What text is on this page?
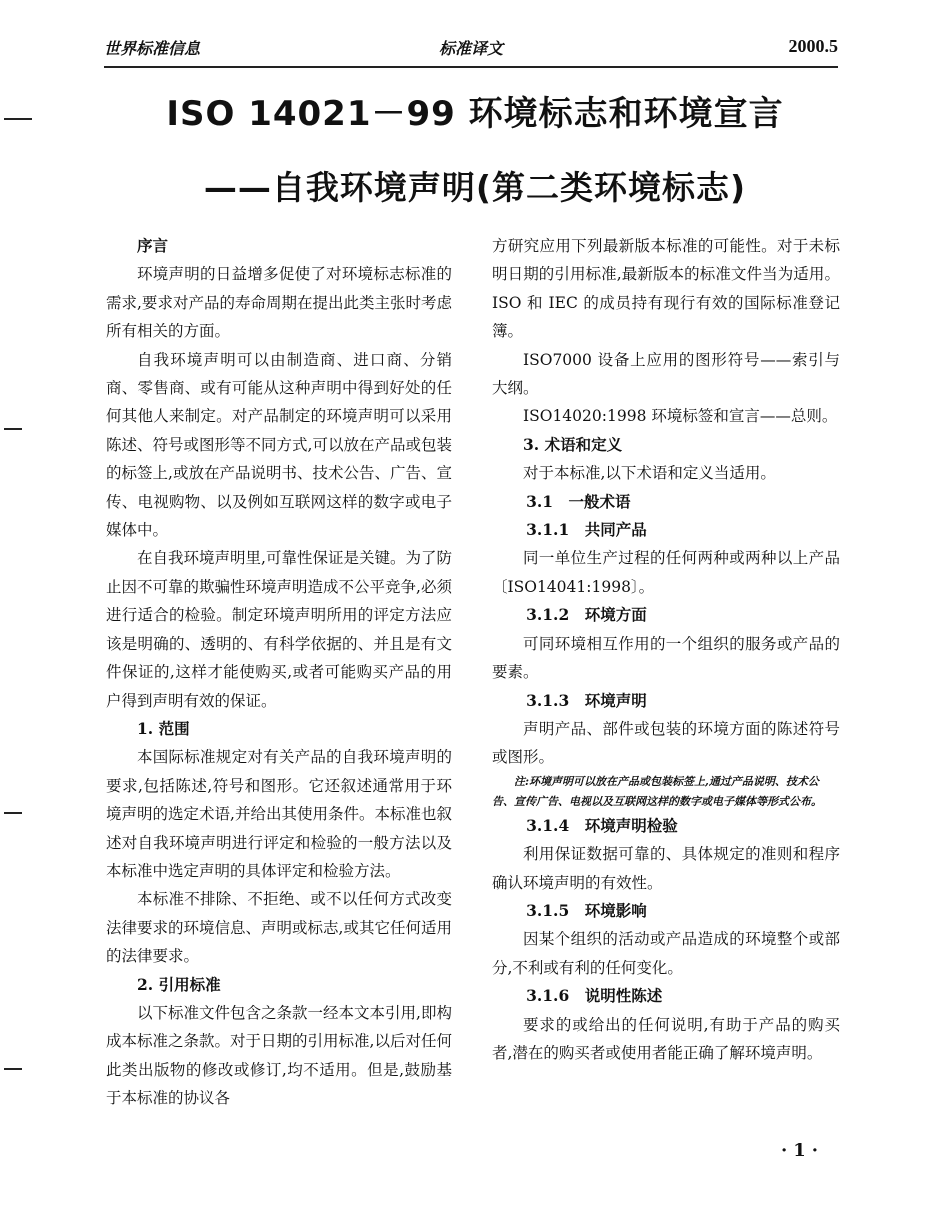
世界标准信息	标准译文	2000.5
ISO 14021－99 环境标志和环境宣言
——自我环境声明(第二类环境标志)

序言

环境声明的日益增多促使了对环境标志标准的需求,要求对产品的寿命周期在提出此类主张时考虑所有相关的方面。

自我环境声明可以由制造商、进口商、分销商、零售商、或有可能从这种声明中得到好处的任何其他人来制定。对产品制定的环境声明可以采用陈述、符号或图形等不同方式,可以放在产品或包装的标签上,或放在产品说明书、技术公告、广告、宣传、电视购物、以及例如互联网这样的数字或电子媒体中。

在自我环境声明里,可靠性保证是关键。为了防止因不可靠的欺骗性环境声明造成不公平竞争,必须进行适合的检验。制定环境声明所用的评定方法应该是明确的、透明的、有科学依据的、并且是有文件保证的,这样才能使购买,或者可能购买产品的用户得到声明有效的保证。

1. 范围

本国际标准规定对有关产品的自我环境声明的要求,包括陈述,符号和图形。它还叙述通常用于环境声明的选定术语,并给出其使用条件。本标准也叙述对自我环境声明进行评定和检验的一般方法以及本标准中选定声明的具体评定和检验方法。

本标准不排除、不拒绝、或不以任何方式改变法律要求的环境信息、声明或标志,或其它任何适用的法律要求。

2. 引用标准

以下标准文件包含之条款一经本文本引用,即构成本标准之条款。对于日期的引用标准,以后对任何此类出版物的修改或修订,均不适用。但是,鼓励基于本标准的协议各

方研究应用下列最新版本标准的可能性。对于未标明日期的引用标准,最新版本的标准文件当为适用。ISO 和 IEC 的成员持有现行有效的国际标准登记簿。

ISO7000 设备上应用的图形符号——索引与大纲。

ISO14020:1998 环境标签和宣言——总则。

3. 术语和定义

对于本标准,以下术语和定义当适用。

3.1　一般术语

3.1.1　共同产品

同一单位生产过程的任何两种或两种以上产品〔ISO14041:1998〕。

3.1.2　环境方面

可同环境相互作用的一个组织的服务或产品的要素。

3.1.3　环境声明

声明产品、部件或包装的环境方面的陈述符号或图形。

注:环境声明可以放在产品或包装标签上,通过产品说明、技术公告、宣传广告、电视以及互联网这样的数字或电子媒体等形式公布。

3.1.4　环境声明检验

利用保证数据可靠的、具体规定的准则和程序确认环境声明的有效性。

3.1.5　环境影响

因某个组织的活动或产品造成的环境整个或部分,不利或有利的任何变化。

3.1.6　说明性陈述

要求的或给出的任何说明,有助于产品的购买者,潜在的购买者或使用者能正确了解环境声明。

·1·
